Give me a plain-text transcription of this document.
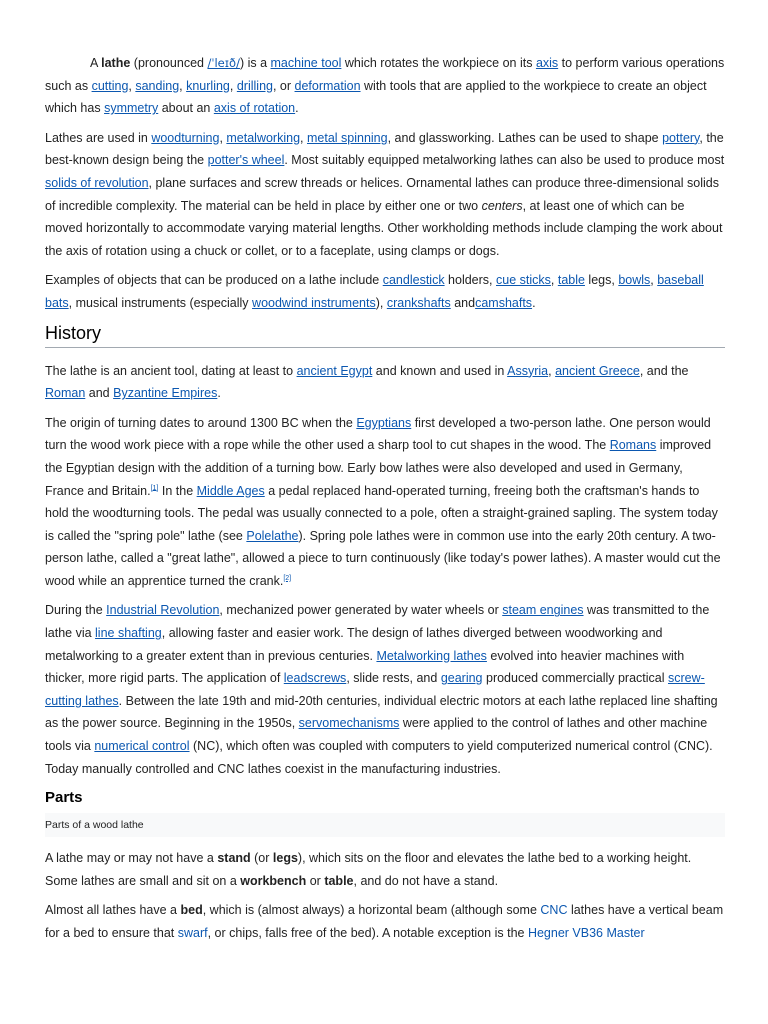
A lathe (pronounced /ˈleɪð/) is a machine tool which rotates the workpiece on its axis to perform various operations such as cutting, sanding, knurling, drilling, or deformation with tools that are applied to the workpiece to create an object which has symmetry about an axis of rotation.

Lathes are used in woodturning, metalworking, metal spinning, and glassworking. Lathes can be used to shape pottery, the best-known design being the potter's wheel. Most suitably equipped metalworking lathes can also be used to produce most solids of revolution, plane surfaces and screw threads or helices. Ornamental lathes can produce three-dimensional solids of incredible complexity. The material can be held in place by either one or two centers, at least one of which can be moved horizontally to accommodate varying material lengths. Other workholding methods include clamping the work about the axis of rotation using a chuck or collet, or to a faceplate, using clamps or dogs.

Examples of objects that can be produced on a lathe include candlestick holders, cue sticks, table legs, bowls, baseball bats, musical instruments (especially woodwind instruments), crankshafts andcamshafts.

History

The lathe is an ancient tool, dating at least to ancient Egypt and known and used in Assyria, ancient Greece, and the Roman and Byzantine Empires.

The origin of turning dates to around 1300 BC when the Egyptians first developed a two-person lathe. One person would turn the wood work piece with a rope while the other used a sharp tool to cut shapes in the wood. The Romans improved the Egyptian design with the addition of a turning bow. Early bow lathes were also developed and used in Germany, France and Britain.[1] In the Middle Ages a pedal replaced hand-operated turning, freeing both the craftsman's hands to hold the woodturning tools. The pedal was usually connected to a pole, often a straight-grained sapling. The system today is called the "spring pole" lathe (see Polelathe). Spring pole lathes were in common use into the early 20th century. A two-person lathe, called a "great lathe", allowed a piece to turn continuously (like today's power lathes). A master would cut the wood while an apprentice turned the crank.[2]

During the Industrial Revolution, mechanized power generated by water wheels or steam engines was transmitted to the lathe via line shafting, allowing faster and easier work. The design of lathes diverged between woodworking and metalworking to a greater extent than in previous centuries. Metalworking lathes evolved into heavier machines with thicker, more rigid parts. The application of leadscrews, slide rests, and gearing produced commercially practical screw-cutting lathes. Between the late 19th and mid-20th centuries, individual electric motors at each lathe replaced line shafting as the power source. Beginning in the 1950s, servomechanisms were applied to the control of lathes and other machine tools via numerical control (NC), which often was coupled with computers to yield computerized numerical control (CNC). Today manually controlled and CNC lathes coexist in the manufacturing industries.

Parts
Parts of a wood lathe

A lathe may or may not have a stand (or legs), which sits on the floor and elevates the lathe bed to a working height. Some lathes are small and sit on a workbench or table, and do not have a stand.

Almost all lathes have a bed, which is (almost always) a horizontal beam (although some CNC lathes have a vertical beam for a bed to ensure that swarf, or chips, falls free of the bed). A notable exception is the Hegner VB36 Master
